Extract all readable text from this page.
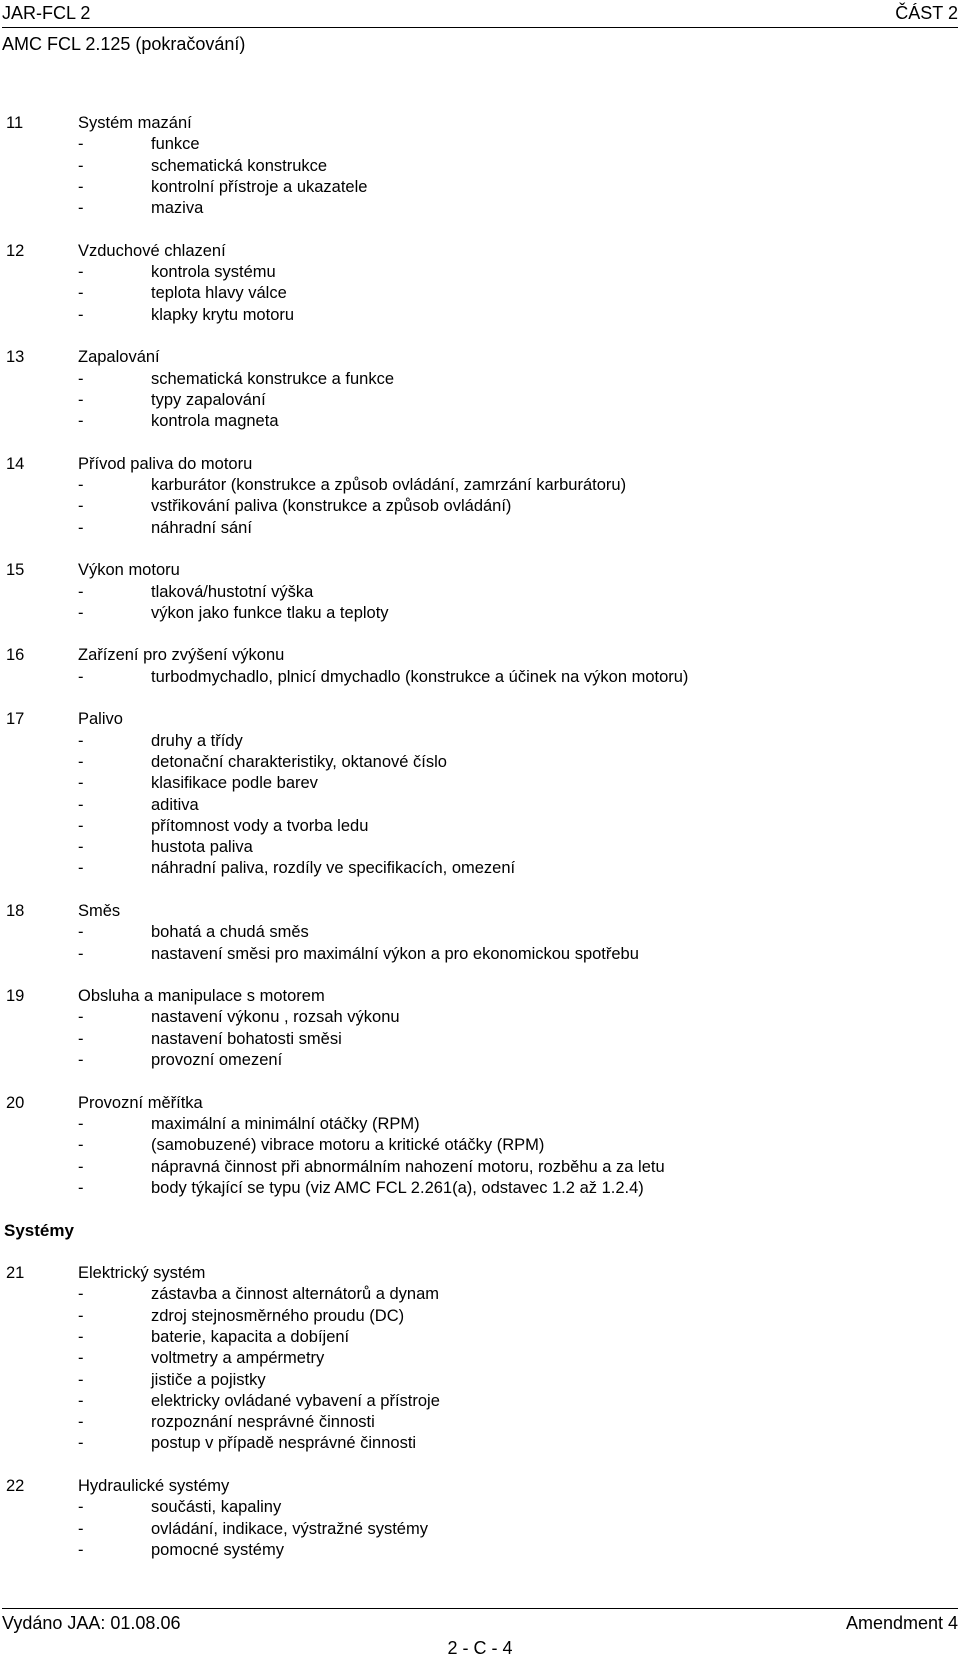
JAR-FCL 2	ČÁST 2
AMC FCL 2.125 (pokračování)
11	Systém mazání
-	funkce
-	schematická konstrukce
-	kontrolní přístroje a ukazatele
-	maziva
12	Vzduchové chlazení
-	kontrola systému
-	teplota hlavy válce
-	klapky krytu motoru
13	Zapalování
-	schematická konstrukce a funkce
-	typy zapalování
-	kontrola magneta
14	Přívod paliva do motoru
-	karburátor (konstrukce a způsob ovládání, zamrzání karburátoru)
-	vstřikování paliva (konstrukce a způsob ovládání)
-	náhradní sání
15	Výkon motoru
-	tlaková/hustotní výška
-	výkon jako funkce tlaku a teploty
16	Zařízení pro zvýšení výkonu
-	turbodmychadlo, plnicí dmychadlo (konstrukce a účinek na výkon motoru)
17	Palivo
-	druhy a třídy
-	detonační charakteristiky, oktanové číslo
-	klasifikace podle barev
-	aditiva
-	přítomnost vody a tvorba ledu
-	hustota paliva
-	náhradní paliva, rozdíly ve specifikacích, omezení
18	Směs
-	bohatá a chudá směs
-	nastavení směsi pro maximální výkon a pro ekonomickou spotřebu
19	Obsluha a manipulace s motorem
-	nastavení výkonu , rozsah výkonu
-	nastavení bohatosti směsi
-	provozní omezení
20	Provozní měřítka
-	maximální a minimální otáčky (RPM)
-	(samobuzené) vibrace motoru a kritické otáčky (RPM)
-	nápravná činnost při abnormálním nahození motoru, rozběhu a za letu
-	body týkající se typu (viz AMC FCL 2.261(a), odstavec 1.2 až 1.2.4)
Systémy
21	Elektrický systém
-	zástavba a činnost alternátorů a dynam
-	zdroj stejnosměrného proudu (DC)
-	baterie, kapacita a dobíjení
-	voltmetry a ampérmetry
-	jističe a pojistky
-	elektricky ovládané vybavení a přístroje
-	rozpoznání nesprávné činnosti
-	postup v případě nesprávné činnosti
22	Hydraulické systémy
-	součásti, kapaliny
-	ovládání, indikace, výstražné systémy
-	pomocné systémy
Vydáno JAA: 01.08.06	Amendment 4
2 - C - 4
